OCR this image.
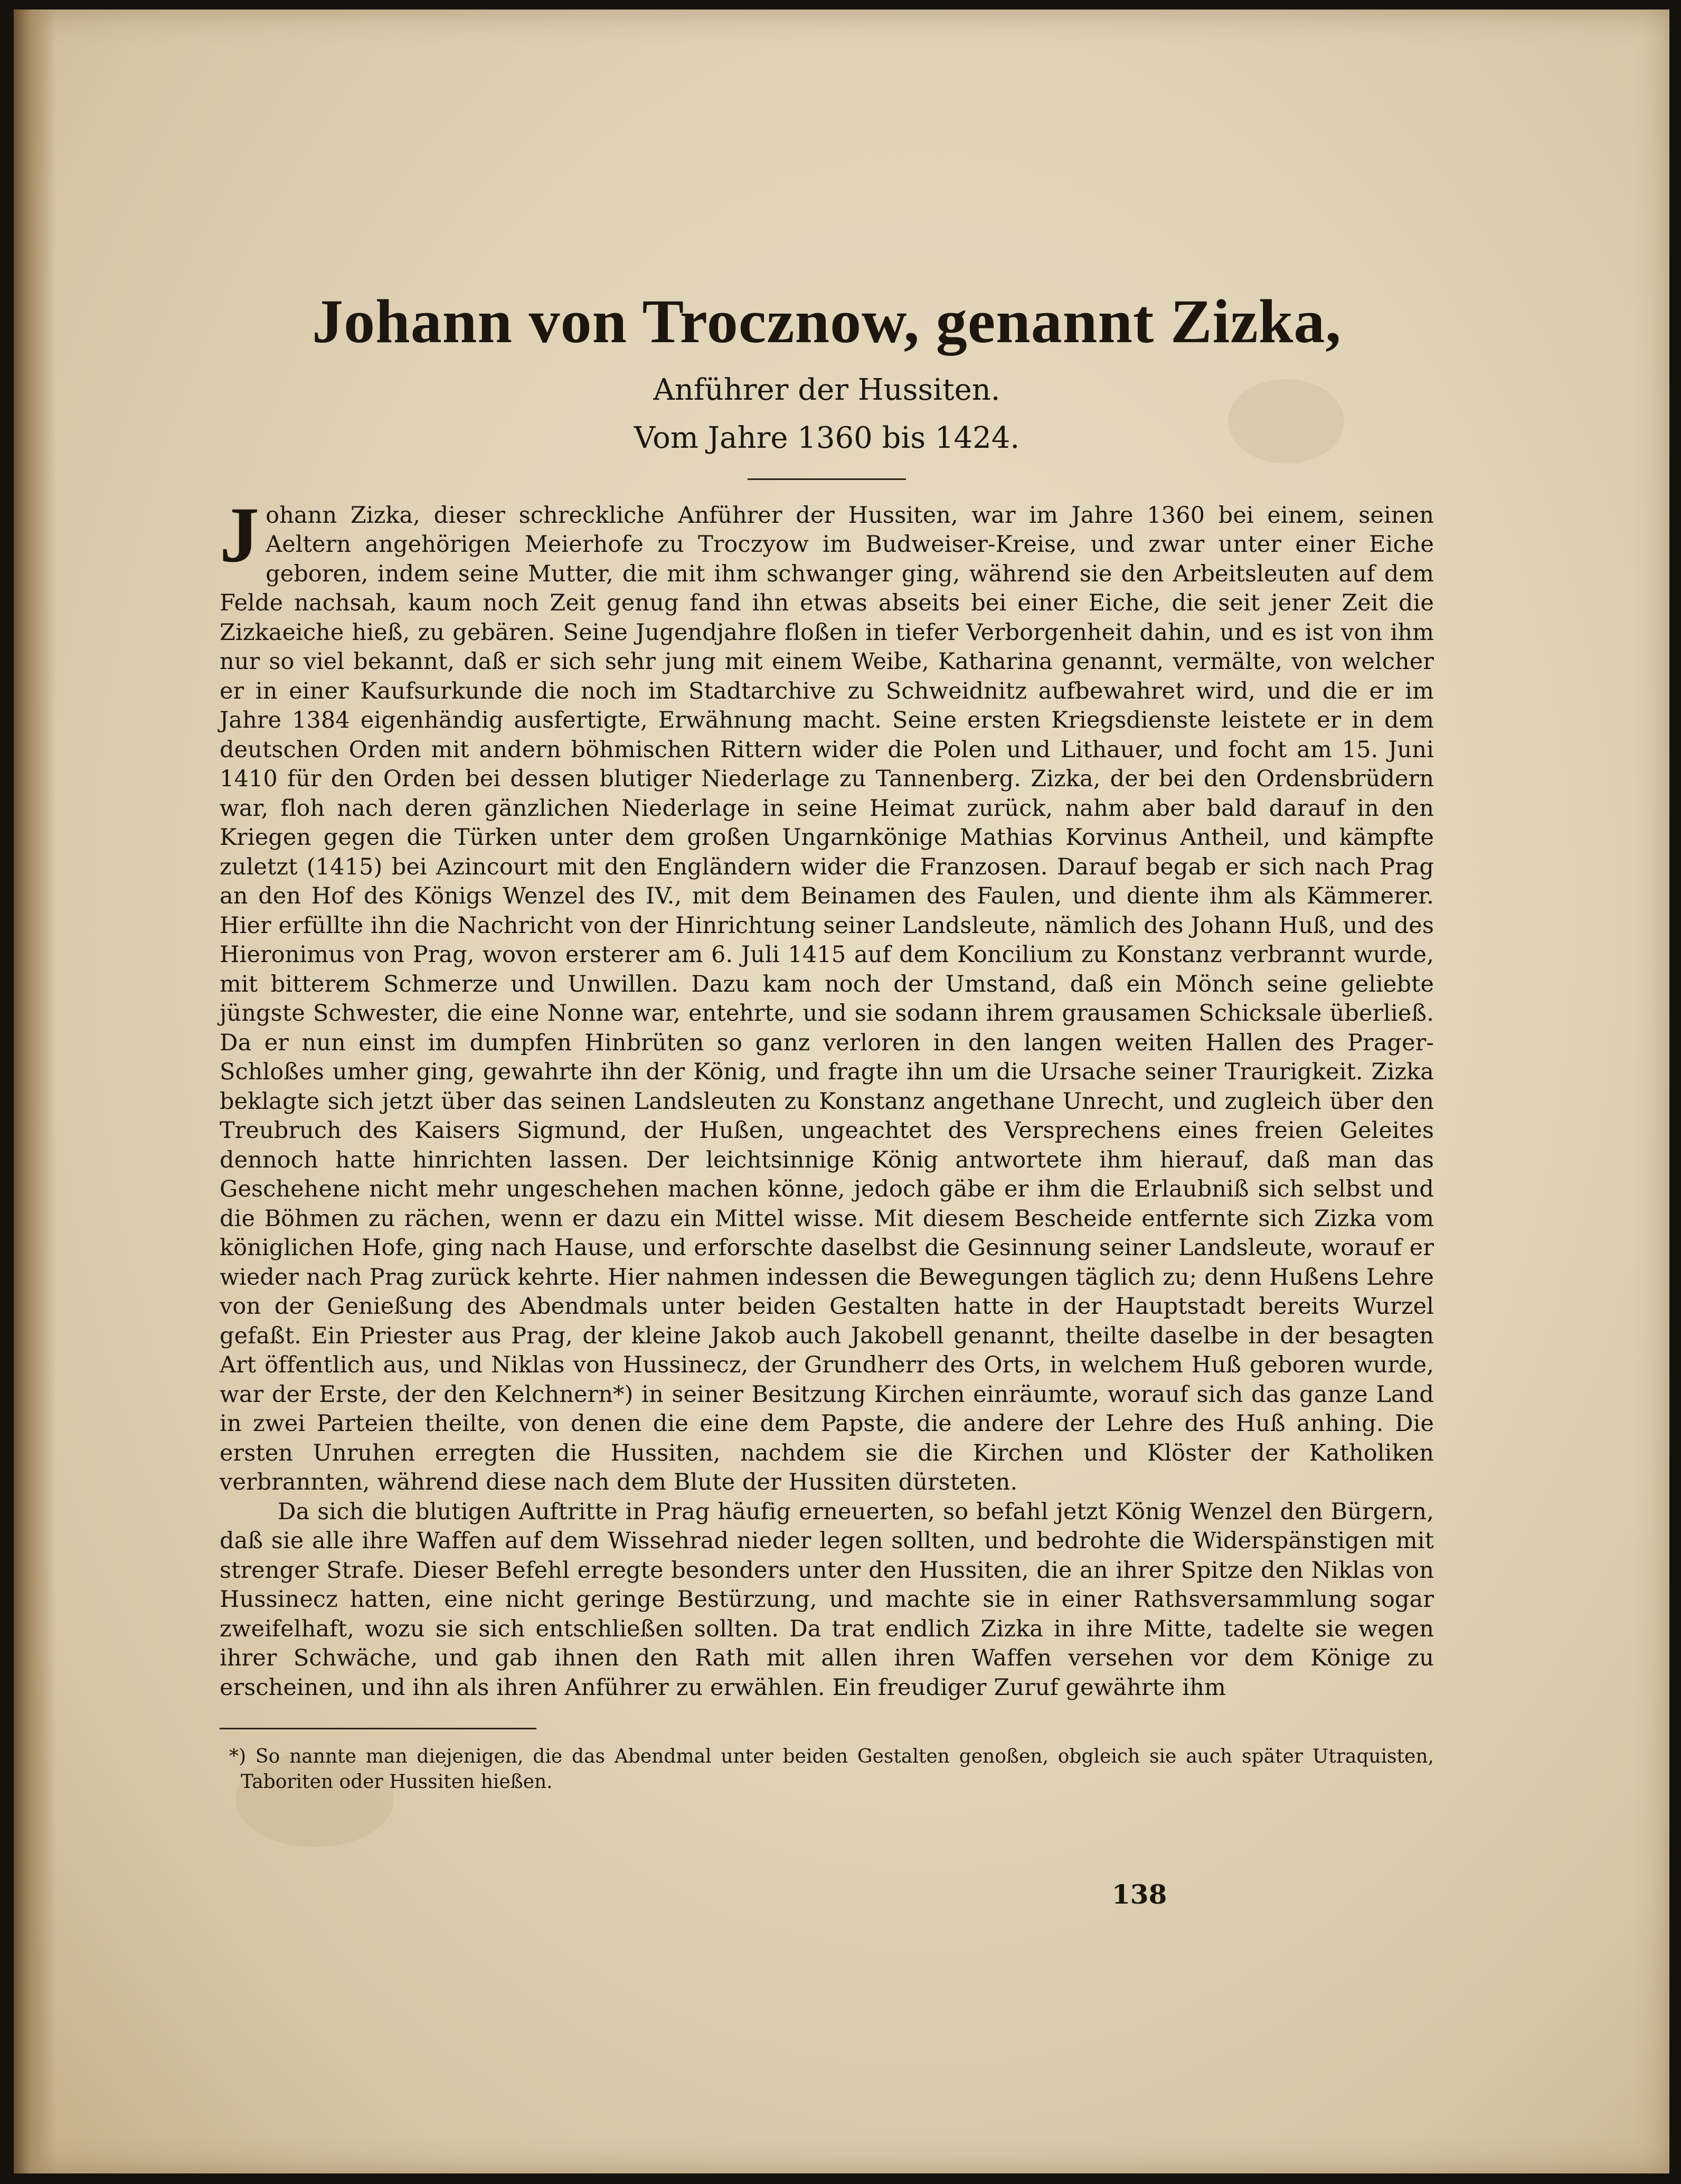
Johann von Trocznow, genannt Zizka,
Anführer der Hussiten.
Vom Jahre 1360 bis 1424.

Johann Zizka, dieser schreckliche Anführer der Hussiten, war im Jahre 1360 bei einem, seinen Aeltern angehörigen Meierhofe zu Troczyow im Budweiser-Kreise, und zwar unter einer Eiche geboren, indem seine Mutter, die mit ihm schwanger ging, während sie den Arbeitsleuten auf dem Felde nachsah, kaum noch Zeit genug fand ihn etwas abseits bei einer Eiche, die seit jener Zeit die Zizkaeiche hieß, zu gebären. Seine Jugendjahre floßen in tiefer Verborgenheit dahin, und es ist von ihm nur so viel bekannt, daß er sich sehr jung mit einem Weibe, Katharina genannt, vermälte, von welcher er in einer Kaufsurkunde die noch im Stadtarchive zu Schweidnitz aufbewahret wird, und die er im Jahre 1384 eigenhändig ausfertigte, Erwähnung macht. Seine ersten Kriegsdienste leistete er in dem deutschen Orden mit andern böhmischen Rittern wider die Polen und Lithauer, und focht am 15. Juni 1410 für den Orden bei dessen blutiger Niederlage zu Tannenberg. Zizka, der bei den Ordensbrüdern war, floh nach deren gänzlichen Niederlage in seine Heimat zurück, nahm aber bald darauf in den Kriegen gegen die Türken unter dem großen Ungarnkönige Mathias Korvinus Antheil, und kämpfte zuletzt (1415) bei Azincourt mit den Engländern wider die Franzosen. Darauf begab er sich nach Prag an den Hof des Königs Wenzel des IV., mit dem Beinamen des Faulen, und diente ihm als Kämmerer. Hier erfüllte ihn die Nachricht von der Hinrichtung seiner Landsleute, nämlich des Johann Huß, und des Hieronimus von Prag, wovon ersterer am 6. Juli 1415 auf dem Koncilium zu Konstanz verbrannt wurde, mit bitterem Schmerze und Unwillen. Dazu kam noch der Umstand, daß ein Mönch seine geliebte jüngste Schwester, die eine Nonne war, entehrte, und sie sodann ihrem grausamen Schicksale überließ. Da er nun einst im dumpfen Hinbrüten so ganz verloren in den langen weiten Hallen des Prager-Schloßes umher ging, gewahrte ihn der König, und fragte ihn um die Ursache seiner Traurigkeit. Zizka beklagte sich jetzt über das seinen Landsleuten zu Konstanz angethane Unrecht, und zugleich über den Treubruch des Kaisers Sigmund, der Hußen, ungeachtet des Versprechens eines freien Geleites dennoch hatte hinrichten lassen. Der leichtsinnige König antwortete ihm hierauf, daß man das Geschehene nicht mehr ungeschehen machen könne, jedoch gäbe er ihm die Erlaubniß sich selbst und die Böhmen zu rächen, wenn er dazu ein Mittel wisse. Mit diesem Bescheide entfernte sich Zizka vom königlichen Hofe, ging nach Hause, und erforschte daselbst die Gesinnung seiner Landsleute, worauf er wieder nach Prag zurück kehrte. Hier nahmen indessen die Bewegungen täglich zu; denn Hußens Lehre von der Genießung des Abendmals unter beiden Gestalten hatte in der Hauptstadt bereits Wurzel gefaßt. Ein Priester aus Prag, der kleine Jakob auch Jakobell genannt, theilte daselbe in der besagten Art öffentlich aus, und Niklas von Hussinecz, der Grundherr des Orts, in welchem Huß geboren wurde, war der Erste, der den Kelchnern*) in seiner Besitzung Kirchen einräumte, worauf sich das ganze Land in zwei Parteien theilte, von denen die eine dem Papste, die andere der Lehre des Huß anhing. Die ersten Unruhen erregten die Hussiten, nachdem sie die Kirchen und Klöster der Katholiken verbrannten, während diese nach dem Blute der Hussiten dürsteten.

Da sich die blutigen Auftritte in Prag häufig erneuerten, so befahl jetzt König Wenzel den Bürgern, daß sie alle ihre Waffen auf dem Wissehrad nieder legen sollten, und bedrohte die Widerspänstigen mit strenger Strafe. Dieser Befehl erregte besonders unter den Hussiten, die an ihrer Spitze den Niklas von Hussinecz hatten, eine nicht geringe Bestürzung, und machte sie in einer Rathsversammlung sogar zweifelhaft, wozu sie sich entschließen sollten. Da trat endlich Zizka in ihre Mitte, tadelte sie wegen ihrer Schwäche, und gab ihnen den Rath mit allen ihren Waffen versehen vor dem Könige zu erscheinen, und ihn als ihren Anführer zu erwählen. Ein freudiger Zuruf gewährte ihm

*) So nannte man diejenigen, die das Abendmal unter beiden Gestalten genoßen, obgleich sie auch später Utraquisten, Taboriten oder Hussiten hießen.

138
